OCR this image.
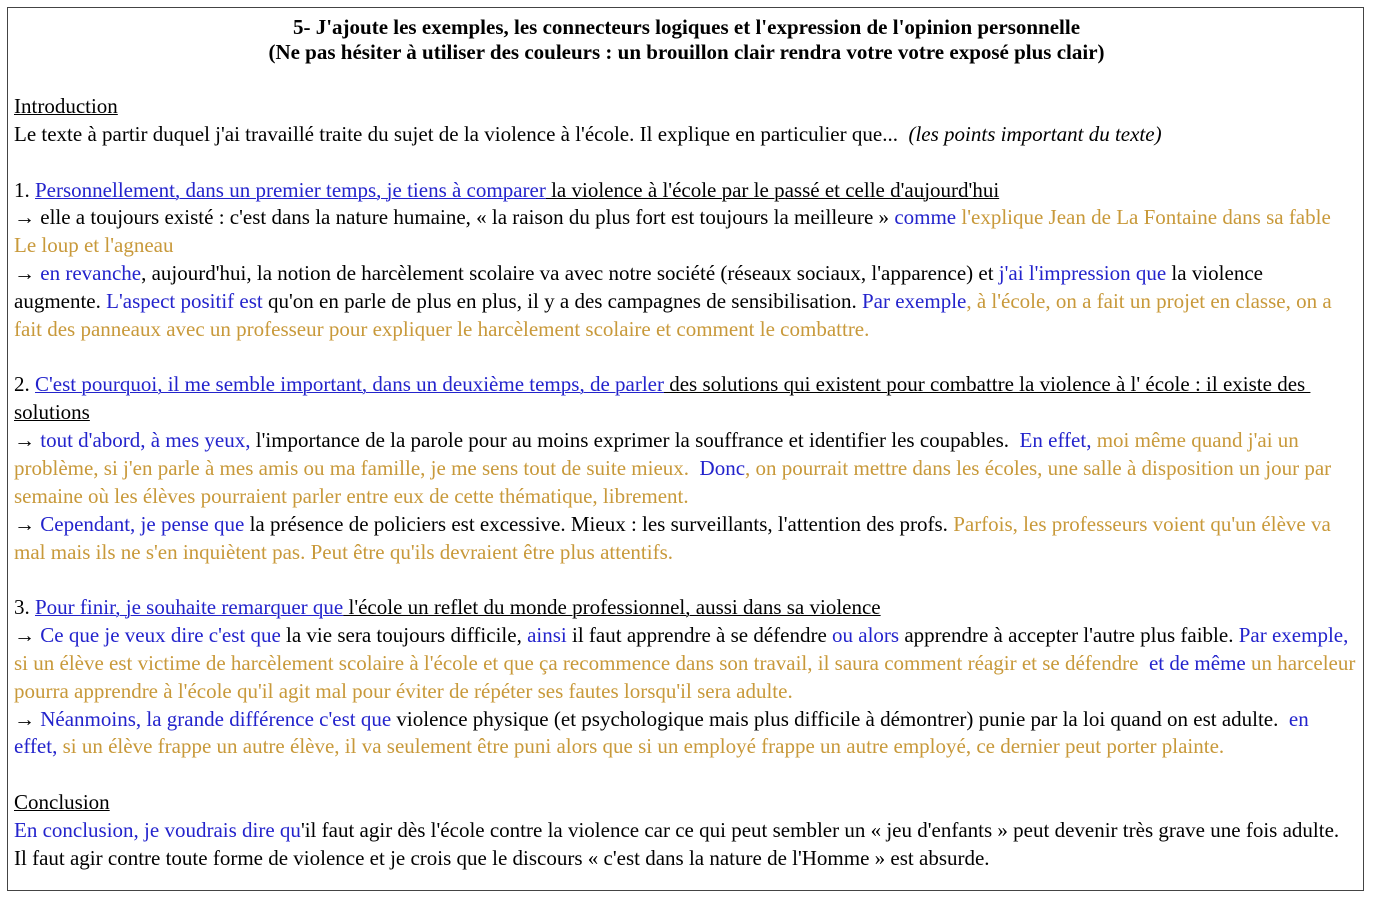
5- J'ajoute les exemples, les connecteurs logiques et l'expression de l'opinion personnelle
(Ne pas hésiter à utiliser des couleurs : un brouillon clair rendra votre votre exposé plus clair)
Introduction
Le texte à partir duquel j'ai travaillé traite du sujet de la violence à l'école. Il explique en particulier que...  (les points important du texte)
1. Personnellement, dans un premier temps, je tiens à comparer la violence à l'école par le passé et celle d'aujourd'hui
→ elle a toujours existé : c'est dans la nature humaine, « la raison du plus fort est toujours la meilleure » comme l'explique Jean de La Fontaine dans sa fable
Le loup et l'agneau
→ en revanche, aujourd'hui, la notion de harcèlement scolaire va avec notre société (réseaux sociaux, l'apparence) et j'ai l'impression que la violence
augmente. L'aspect positif est qu'on en parle de plus en plus, il y a des campagnes de sensibilisation. Par exemple, à l'école, on a fait un projet en classe, on a
fait des panneaux avec un professeur pour expliquer le harcèlement scolaire et comment le combattre.
2. C'est pourquoi, il me semble important, dans un deuxième temps, de parler des solutions qui existent pour combattre la violence à l' école : il existe des
solutions
→ tout d'abord, à mes yeux, l'importance de la parole pour au moins exprimer la souffrance et identifier les coupables.  En effet, moi même quand j'ai un
problème, si j'en parle à mes amis ou ma famille, je me sens tout de suite mieux.  Donc, on pourrait mettre dans les écoles, une salle à disposition un jour par
semaine où les élèves pourraient parler entre eux de cette thématique, librement.
→ Cependant, je pense que la présence de policiers est excessive. Mieux : les surveillants, l'attention des profs. Parfois, les professeurs voient qu'un élève va
mal mais ils ne s'en inquiètent pas. Peut être qu'ils devraient être plus attentifs.
3. Pour finir, je souhaite remarquer que l'école un reflet du monde professionnel, aussi dans sa violence
→ Ce que je veux dire c'est que la vie sera toujours difficile, ainsi il faut apprendre à se défendre ou alors apprendre à accepter l'autre plus faible. Par exemple,
si un élève est victime de harcèlement scolaire à l'école et que ça recommence dans son travail, il saura comment réagir et se défendre  et de même un harceleur
pourra apprendre à l'école qu'il agit mal pour éviter de répéter ses fautes lorsqu'il sera adulte.
→ Néanmoins, la grande différence c'est que violence physique (et psychologique mais plus difficile à démontrer) punie par la loi quand on est adulte.  en
effet, si un élève frappe un autre élève, il va seulement être puni alors que si un employé frappe un autre employé, ce dernier peut porter plainte.
Conclusion
En conclusion, je voudrais dire qu'il faut agir dès l'école contre la violence car ce qui peut sembler un « jeu d'enfants » peut devenir très grave une fois adulte.
Il faut agir contre toute forme de violence et je crois que le discours « c'est dans la nature de l'Homme » est absurde.
